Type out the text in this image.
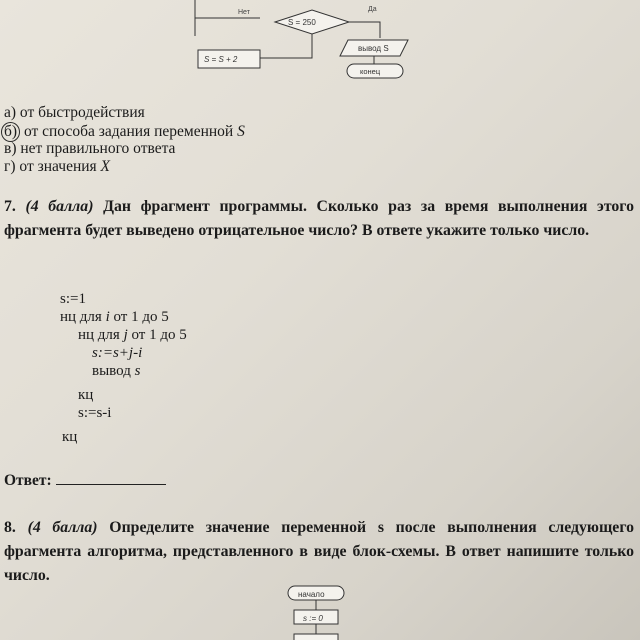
S = 250
Нет	Да
S = S + 2
вывод S
конец
а) от быстродействия
б) от способа задания переменной S
в) нет правильного ответа
г) от значения X
7. (4 балла) Дан фрагмент программы. Сколько раз за время выполнения этого фрагмента будет выведено отрицательное число? В ответе укажите только число.
s:=1
нц для i от 1 до 5
нц для j от 1 до 5
s:=s+j-i
вывод s
кц
s:=s-i
кц
Ответ:
8. (4 балла) Определите значение переменной s после выполнения следующего фрагмента алгоритма, представленного в виде блок-схемы. В ответ напишите только число.
начало
s := 0
